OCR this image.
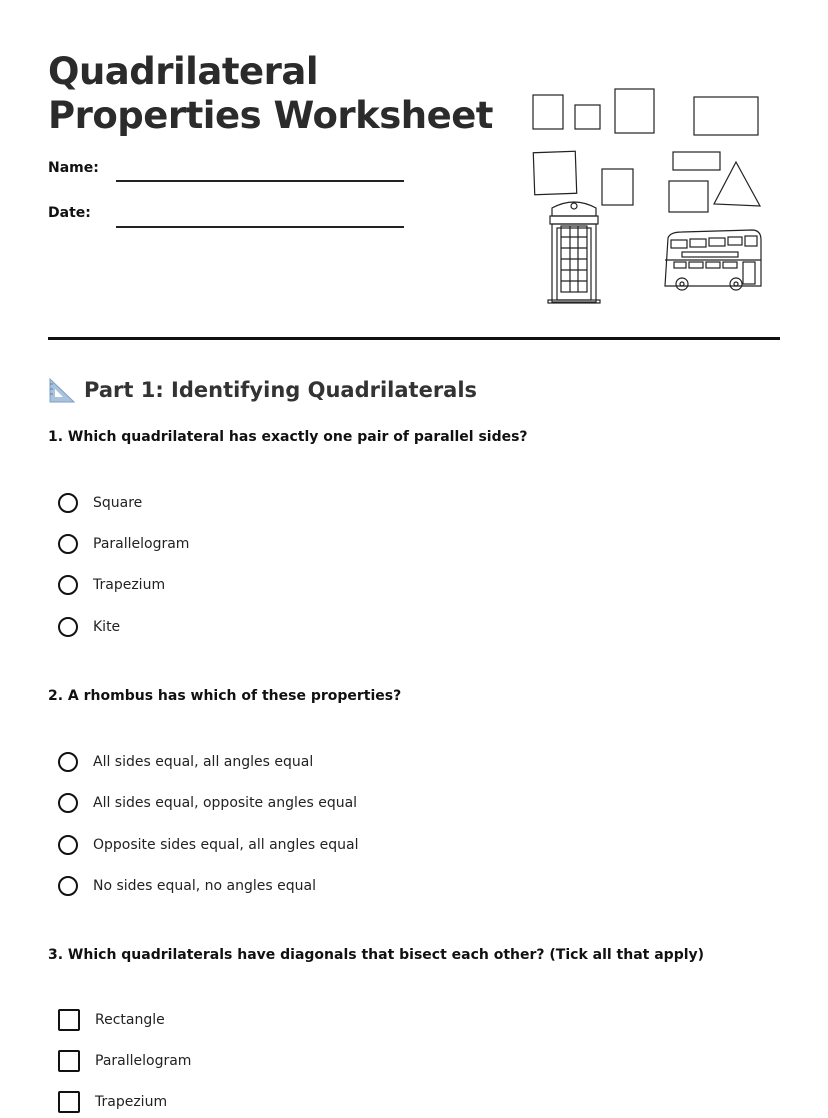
Quadrilateral Properties Worksheet
Name:
Date:
Part 1: Identifying Quadrilaterals
1. Which quadrilateral has exactly one pair of parallel sides?
Square
Parallelogram
Trapezium
Kite
2. A rhombus has which of these properties?
All sides equal, all angles equal
All sides equal, opposite angles equal
Opposite sides equal, all angles equal
No sides equal, no angles equal
3. Which quadrilaterals have diagonals that bisect each other? (Tick all that apply)
Rectangle
Parallelogram
Trapezium
